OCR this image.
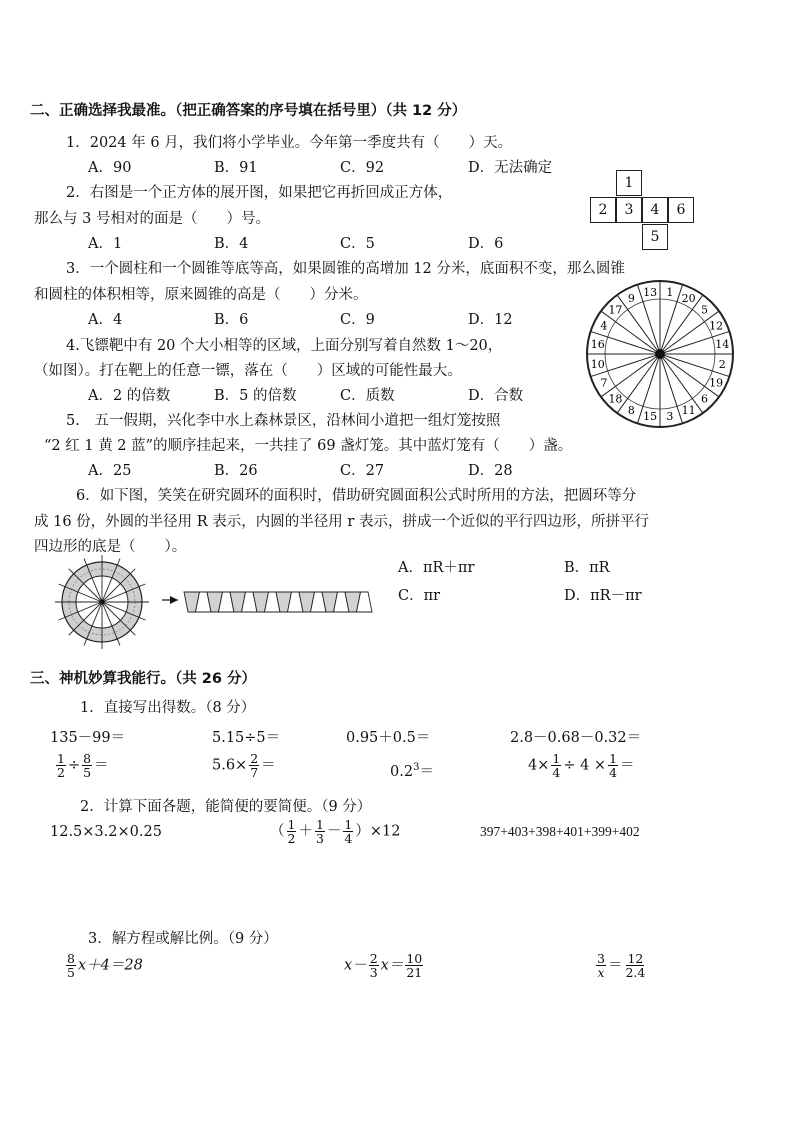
二、正确选择我最准。（把正确答案的序号填在括号里）（共 12 分）
1．2024 年 6 月，我们将小学毕业。今年第一季度共有（　　）天。
A．90	B．91	C．92	D．无法确定
2．右图是一个正方体的展开图，如果把它再折回成正方体，
那么与 3 号相对的面是（　　）号。
A．1	B．4	C．5	D．6
1
2	3	4	6
5
3．一个圆柱和一个圆锥等底等高，如果圆锥的高增加 12 分米，底面积不变，那么圆锥
和圆柱的体积相等，原来圆锥的高是（　　）分米。
A．4	B．6	C．9	D．12
1 20
5
12
14
2
19
6
11
3
15
8
18
7
10
16
4
17
9 13
4.飞镖靶中有 20 个大小相等的区域，上面分别写着自然数 1～20，
（如图）。打在靶上的任意一镖，落在（　　）区域的可能性最大。
A．2 的倍数	B．5 的倍数	C．质数	D．合数
5.　五一假期，兴化李中水上森林景区，沿林间小道把一组灯笼按照
“2 红 1 黄 2 蓝”的顺序挂起来，一共挂了 69 盏灯笼。其中蓝灯笼有（　　）盏。
A．25	B．26	C．27	D．28
6．如下图，笑笑在研究圆环的面积时，借助研究圆面积公式时所用的方法，把圆环等分
成 16 份，外圆的半径用 R 表示，内圆的半径用 r 表示，拼成一个近似的平行四边形，所拼平行
四边形的底是（　　）。
A．πR＋πr	B．πR
C．πr	D．πR－πr
三、神机妙算我能行。（共 26 分）
1．直接写出得数。（8 分）
135－99＝	5.15÷5＝	0.95＋0.5＝	2.8－0.68－0.32＝
$\frac{1}{2} \div \frac{8}{5}$ ＝	$5.6\times \frac{2}{7}$ ＝	$0.2^3=$	$4\times \frac{1}{4} \div 4 \times \frac{1}{4}$ ＝
2．计算下面各题，能简便的要简便。（9 分）
12.5×3.2×0.25	（ $\frac{1}{2} + \frac{1}{3} - \frac{1}{4} )\times 12$	397+403+398+401+399+402
3．解方程或解比例。（9 分）
$\frac{8}{5} x+4=28$	$x- \frac{2}{3} x= \frac{10}{21}$	$\frac{3}{x} = \frac{12}{2.4}$
